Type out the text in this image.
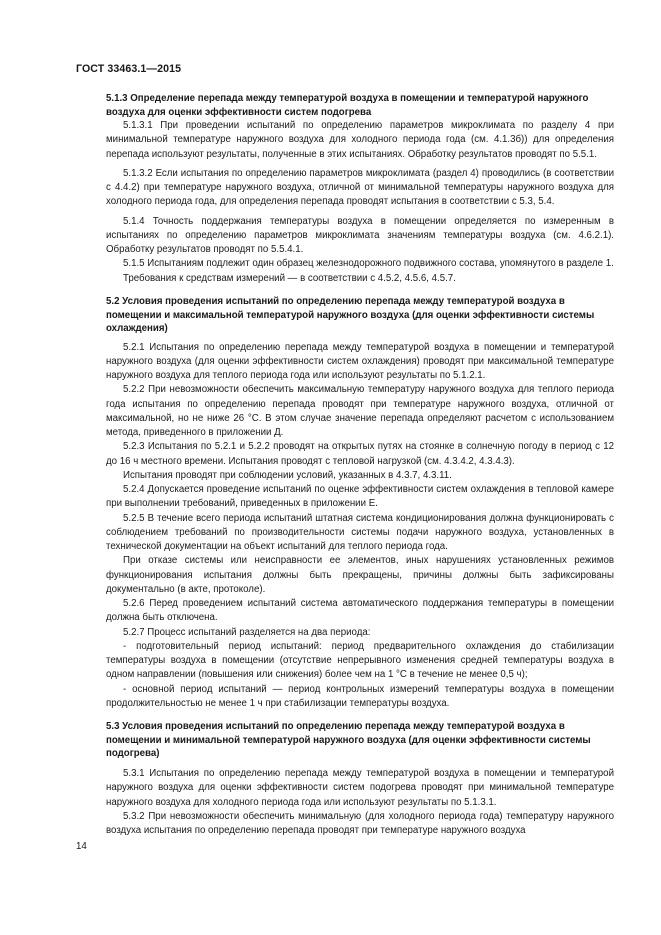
ГОСТ 33463.1—2015
5.1.3 Определение перепада между температурой воздуха в помещении и температурой наружного воздуха для оценки эффективности систем подогрева

5.1.3.1 При проведении испытаний по определению параметров микроклимата по разделу 4 при минимальной температуре наружного воздуха для холодного периода года (см. 4.1.3б)) для определения перепада используют результаты, полученные в этих испытаниях. Обработку результатов проводят по 5.5.1.

5.1.3.2 Если испытания по определению параметров микроклимата (раздел 4) проводились (в соответствии с 4.4.2) при температуре наружного воздуха, отличной от минимальной температуры наружного воздуха для холодного периода года, для определения перепада проводят испытания в соответствии с 5.3, 5.4.

5.1.4 Точность поддержания температуры воздуха в помещении определяется по измеренным в испытаниях по определению параметров микроклимата значениям температуры воздуха (см. 4.6.2.1). Обработку результатов проводят по 5.5.4.1.

5.1.5 Испытаниям подлежит один образец железнодорожного подвижного состава, упомянутого в разделе 1.

Требования к средствам измерений — в соответствии с 4.5.2, 4.5.6, 4.5.7.

5.2 Условия проведения испытаний по определению перепада между температурой воздуха в помещении и максимальной температурой наружного воздуха (для оценки эффективности системы охлаждения)

5.2.1 Испытания по определению перепада между температурой воздуха в помещении и температурой наружного воздуха (для оценки эффективности систем охлаждения) проводят при максимальной температуре наружного воздуха для теплого периода года или используют результаты по 5.1.2.1.

5.2.2 При невозможности обеспечить максимальную температуру наружного воздуха для теплого периода года испытания по определению перепада проводят при температуре наружного воздуха, отличной от максимальной, но не ниже 26 °С. В этом случае значение перепада определяют расчетом с использованием метода, приведенного в приложении Д.

5.2.3 Испытания по 5.2.1 и 5.2.2 проводят на открытых путях на стоянке в солнечную погоду в период с 12 до 16 ч местного времени. Испытания проводят с тепловой нагрузкой (см. 4.3.4.2, 4.3.4.3).

Испытания проводят при соблюдении условий, указанных в 4.3.7, 4.3.11.

5.2.4 Допускается проведение испытаний по оценке эффективности систем охлаждения в тепловой камере при выполнении требований, приведенных в приложении Е.

5.2.5 В течение всего периода испытаний штатная система кондиционирования должна функционировать с соблюдением требований по производительности системы подачи наружного воздуха, установленных в технической документации на объект испытаний для теплого периода года.

При отказе системы или неисправности ее элементов, иных нарушениях установленных режимов функционирования испытания должны быть прекращены, причины должны быть зафиксированы документально (в акте, протоколе).

5.2.6 Перед проведением испытаний система автоматического поддержания температуры в помещении должна быть отключена.

5.2.7 Процесс испытаний разделяется на два периода:

- подготовительный период испытаний: период предварительного охлаждения до стабилизации температуры воздуха в помещении (отсутствие непрерывного изменения средней температуры воздуха в одном направлении (повышения или снижения) более чем на 1 °С в течение не менее 0,5 ч);

- основной период испытаний — период контрольных измерений температуры воздуха в помещении продолжительностью не менее 1 ч при стабилизации температуры воздуха.

5.3 Условия проведения испытаний по определению перепада между температурой воздуха в помещении и минимальной температурой наружного воздуха (для оценки эффективности системы подогрева)

5.3.1 Испытания по определению перепада между температурой воздуха в помещении и температурой наружного воздуха для оценки эффективности систем подогрева проводят при минимальной температуре наружного воздуха для холодного периода года или используют результаты по 5.1.3.1.

5.3.2 При невозможности обеспечить минимальную (для холодного периода года) температуру наружного воздуха испытания по определению перепада проводят при температуре наружного воздуха

14
